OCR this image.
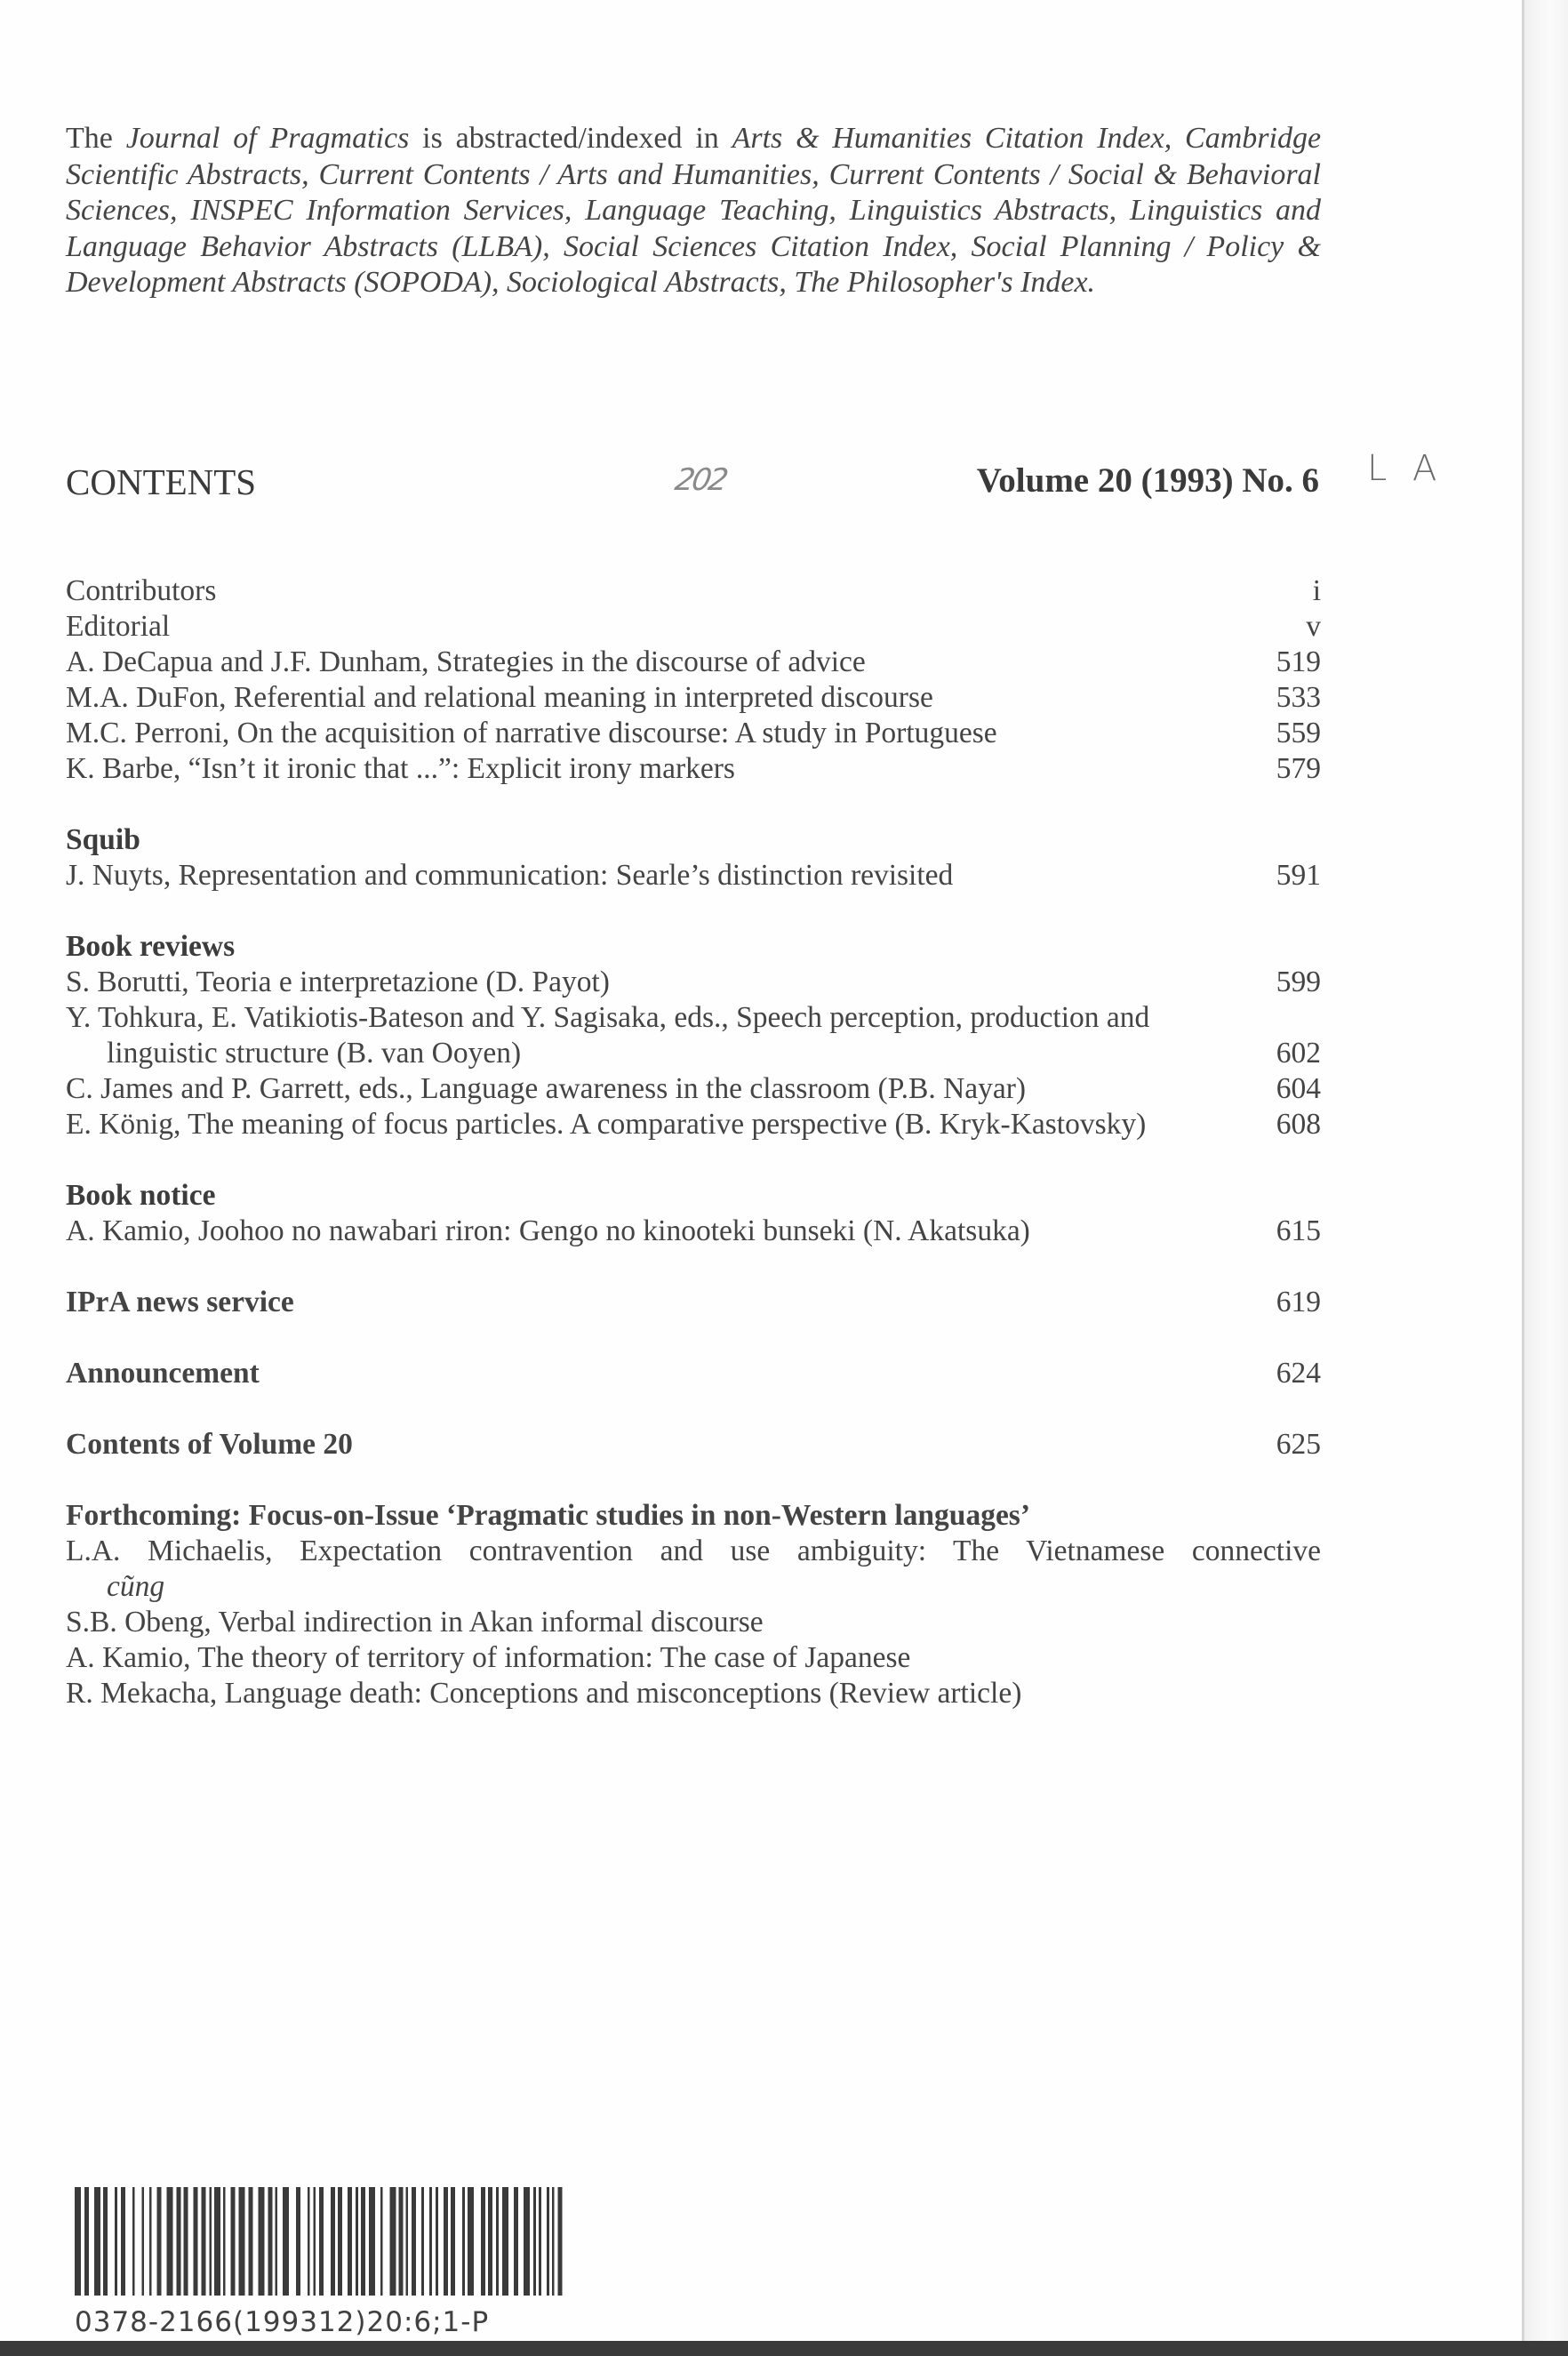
The Journal of Pragmatics is abstracted/indexed in Arts & Humanities Citation Index, Cambridge Scientific Abstracts, Current Contents / Arts and Humanities, Current Contents / Social & Behavioral Sciences, INSPEC Information Services, Language Teaching, Linguistics Abstracts, Linguistics and Language Behavior Abstracts (LLBA), Social Sciences Citation Index, Social Planning / Policy & Development Abstracts (SOPODA), Sociological Abstracts, The Philosopher's Index.

CONTENTS	202	Volume 20 (1993) No. 6 L A
Contributors	i
Editorial	v
A. DeCapua and J.F. Dunham, Strategies in the discourse of advice	519
M.A. DuFon, Referential and relational meaning in interpreted discourse	533
M.C. Perroni, On the acquisition of narrative discourse: A study in Portuguese	559
K. Barbe, “Isn’t it ironic that ...”: Explicit irony markers	579
Squib
J. Nuyts, Representation and communication: Searle’s distinction revisited	591
Book reviews
S. Borutti, Teoria e interpretazione (D. Payot)	599
Y. Tohkura, E. Vatikiotis-Bateson and Y. Sagisaka, eds., Speech perception, production and linguistic structure (B. van Ooyen)	602
C. James and P. Garrett, eds., Language awareness in the classroom (P.B. Nayar)	604
E. König, The meaning of focus particles. A comparative perspective (B. Kryk-Kastovsky)	608
Book notice
A. Kamio, Joohoo no nawabari riron: Gengo no kinooteki bunseki (N. Akatsuka)	615
IPrA news service	619
Announcement	624
Contents of Volume 20	625
Forthcoming: Focus-on-Issue ‘Pragmatic studies in non-Western languages’
L.A. Michaelis, Expectation contravention and use ambiguity: The Vietnamese connective
cũng
S.B. Obeng, Verbal indirection in Akan informal discourse
A. Kamio, The theory of territory of information: The case of Japanese
R. Mekacha, Language death: Conceptions and misconceptions (Review article)
0378-2166(199312)20:6;1-P
